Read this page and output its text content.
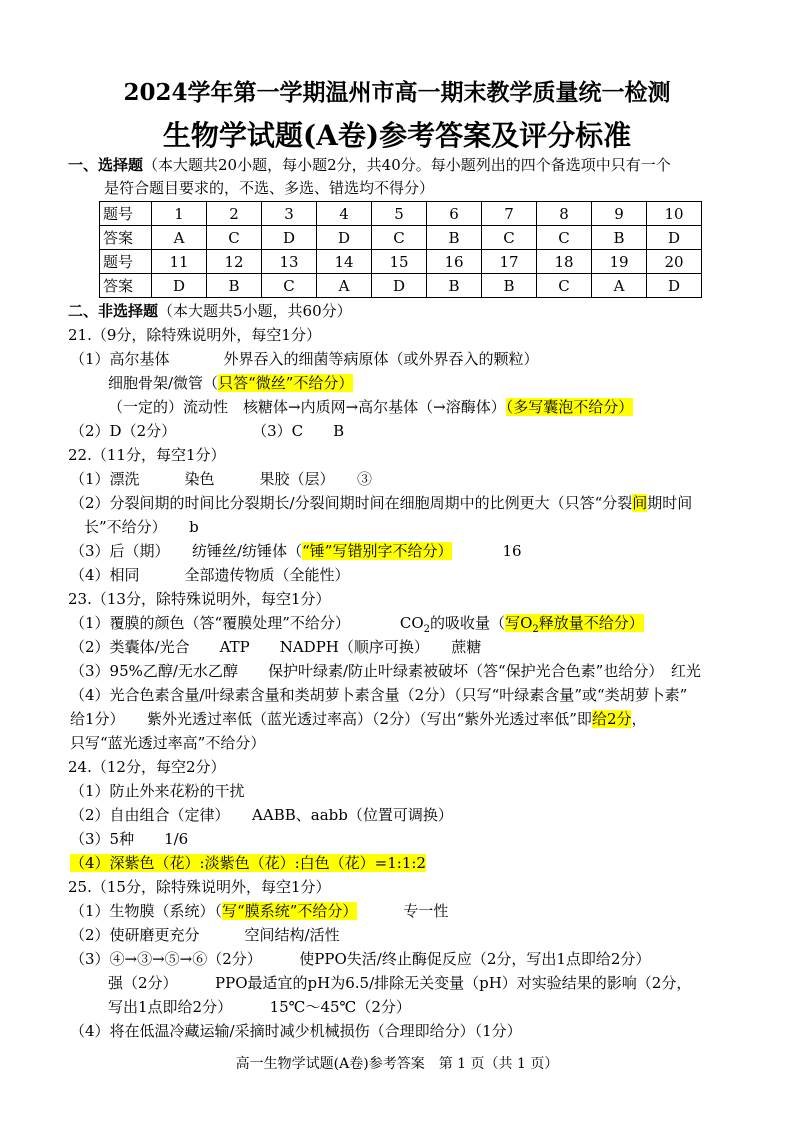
2024学年第一学期温州市高一期末教学质量统一检测
生物学试题(A卷)参考答案及评分标准
一、选择题（本大题共20小题，每小题2分，共40分。每小题列出的四个备选项中只有一个
是符合题目要求的，不选、多选、错选均不得分）
题号	1	2	3	4	5	6	7	8	9	10
答案	A	C	D	D	C	B	C	C	B	D
题号	11	12	13	14	15	16	17	18	19	20
答案	D	B	C	A	D	B	B	C	A	D
二、非选择题（本大题共5小题，共60分）
21.（9分，除特殊说明外，每空1分）
（1）高尔基体	外界吞入的细菌等病原体（或外界吞入的颗粒）
细胞骨架/微管（只答“微丝”不给分）
（一定的）流动性　核糖体→内质网→高尔基体（→溶酶体）（多写囊泡不给分）
（2）D（2分）	（3）C　　B
22.（11分，每空1分）
（1）漂洗　　　染色　　　果胶（层）　　③
（2）分裂间期的时间比分裂期长/分裂间期时间在细胞周期中的比例更大（只答“分裂间期时间
长”不给分）　　b
（3）后（期）　　纺锤丝/纺锤体（“锤”写错别字不给分）	16
（4）相同　　　全部遗传物质（全能性）
23.（13分，除特殊说明外，每空1分）
（1）覆膜的颜色（答“覆膜处理”不给分）	$CO_2$的吸收量（写$O_2$释放量不给分）
（2）类囊体/光合　　ATP　　NADPH（顺序可换）　　蔗糖
（3）95%乙醇/无水乙醇　　保护叶绿素/防止叶绿素被破坏（答“保护光合色素”也给分）　红光
（4）光合色素含量/叶绿素含量和类胡萝卜素含量（2分）（只写“叶绿素含量”或“类胡萝卜素”
给1分）　　紫外光透过率低（蓝光透过率高）（2分）（写出“紫外光透过率低”即给2分，
只写“蓝光透过率高”不给分）
24.（12分，每空2分）
（1）防止外来花粉的干扰
（2）自由组合（定律）　　AABB、aabb（位置可调换）
（3）5种　　1/6
（4）深紫色（花）:淡紫色（花）:白色（花）=1:1:2
25.（15分，除特殊说明外，每空1分）
（1）生物膜（系统）（写“膜系统”不给分）	专一性
（2）使研磨更充分　　　空间结构/活性
（3）④→③→⑤→⑥（2分）　　　使PPO失活/终止酶促反应（2分，写出1点即给2分）
强（2分）　　　PPO最适宜的pH为6.5/排除无关变量（pH）对实验结果的影响（2分，
写出1点即给2分）　　　15℃～45℃（2分）
（4）将在低温冷藏运输/采摘时减少机械损伤（合理即给分）（1分）
高一生物学试题(A卷)参考答案　第 1 页（共 1 页）
